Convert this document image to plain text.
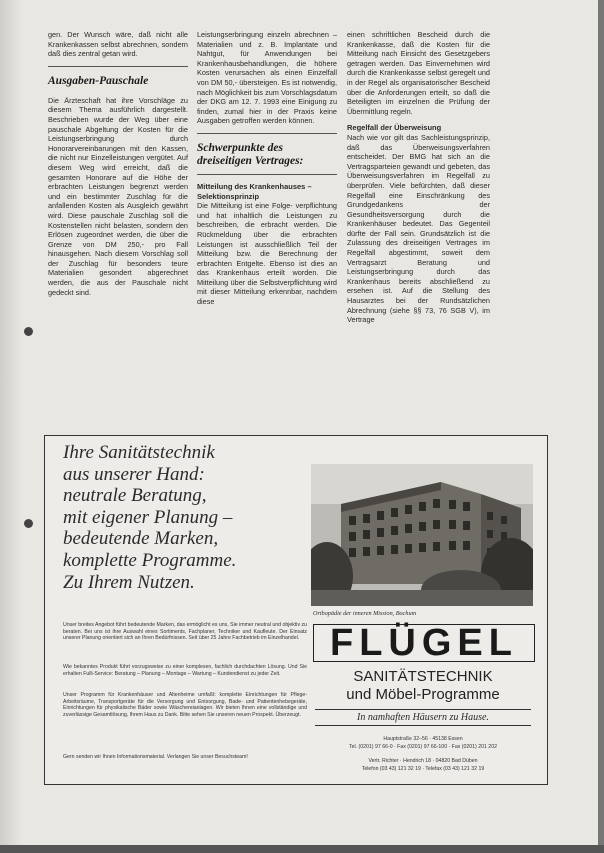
gen. Der Wunsch wäre, daß nicht alle Krankenkassen selbst abrechnen, sondern daß dies zentral getan wird.

Ausgaben-Pauschale

Die Ärzteschaft hat ihre Vorschläge zu diesem Thema ausführlich dargestellt. Beschrieben wurde der Weg über eine pauschale Abgeltung der Kosten für die Leistungserbringung durch Honorarvereinbarungen mit den Kassen, die nicht nur Einzelleistungen vergütet. Auf diesem Weg wird erreicht, daß die gesamten Honorare auf die Höhe der erbrachten Leistungen begrenzt werden und ein bestimmter Zuschlag für die anfallenden Kosten als Ausgleich gewährt wird. Diese pauschale Zuschlag soll die Kostenstellen nicht belasten, sondern den Erlösen zugeordnet werden, die über die Grenze von DM 250,- pro Fall hinausgehen. Nach diesem Vorschlag soll der Zuschlag für besonders teure Materialien gesondert abgerechnet werden, die aus der Pauschale nicht gedeckt sind.

Leistungserbringung einzeln abrechnen – Materialien und z. B. Implantate und Nahtgut, für Anwendungen bei Krankenhausbehandlungen, die höhere Kosten verursachen als einen Einzelfall von DM 50,- übersteigen. Es ist notwendig, nach Möglichkeit bis zum Vorschlagsdatum der DKG am 12. 7. 1993 eine Einigung zu finden, zumal hier in der Praxis keine Ausgaben getroffen werden können.

Schwerpunkte des dreiseitigen Vertrages:
Mitteilung des Krankenhauses – Selektionsprinzip

Die Mitteilung ist eine Folge- verpflichtung und hat inhaltlich die Leistungen zu beschreiben, die erbracht werden. Die Rückmeldung über die erbrachten Leistungen ist ausschließlich Teil der Mitteilung bzw. die Berechnung der erbrachten Entgelte. Ebenso ist dies an das Krankenhaus erteilt worden. Die Mitteilung über die Selbstverpflichtung wird mit dieser Mitteilung erkennbar, nachdem diese

einen schriftlichen Bescheid durch die Krankenkasse, daß die Kosten für die Mitteilung nach Einsicht des Gesetzgebers getragen werden. Das Einvernehmen wird durch die Krankenkasse selbst geregelt und in der Regel als organisatorischer Bescheid über die Anforderungen erteilt, so daß die Beteiligten im einzelnen die Prüfung der Übermittlung regeln.

Regelfall der Überweisung

Nach wie vor gilt das Sachleistungsprinzip, daß das Überweisungsverfahren entscheidet. Der BMG hat sich an die Vertragsparteien gewandt und gebeten, das Überweisungsverfahren im Regelfall zu überprüfen. Viele befürchten, daß dieser Regelfall eine Einschränkung des Grundgedankens der Gesundheitsversorgung durch die Krankenhäuser bedeutet. Das Gegenteil dürfte der Fall sein. Grundsätzlich ist die Zulassung des dreiseitigen Vertrages im Regelfall abgestimmt, soweit dem Vertragsarzt Beratung und Leistungserbringung durch das Krankenhaus bereits abschließend zu ersehen ist. Auf die Stellung des Hausarztes bei der Rundsätzlichen Abrechnung (siehe §§ 73, 76 SGB V), im Vertrage

Ihre Sanitätstechnik
aus unserer Hand:
neutrale Beratung,
mit eigener Planung –
bedeutende Marken,
komplette Programme.
Zu Ihrem Nutzen.

Unser breites Angebot führt bedeutende Marken, das ermöglicht es uns, Sie immer neutral und objektiv zu beraten. Bei uns ist ihre Auswahl eines Sortiments, Fachplaner, Techniker und Kaufleute. Der Einsatz unserer Planung orientiert sich an Ihren Bedürfnissen. Seit über 25 Jahre Fachbetrieb im Einzelhandel.

Wie bekanntes Produkt führt vorzugsweise zu einer komplexen, fachlich durchdachten Lösung. Und Sie erhalten Fulli-Service: Beratung – Planung – Montage – Wartung – Kundendienst zu jeder Zeit.

Unser Programm für Krankenhäuser und Altenheime umfaßt: komplette Einrichtungen für Pflege-Arbeitsräume, Transportgeräte für die Versorgung und Entsorgung, Bade- und Patientenhebegeräte, Einrichtungen für physikalische Bäder sowie Wäschereianlagen. Wir bieten Ihnen eine vollständige und zuverlässige Gesamtlösung, Ihrem Haus zu Dank. Bitte sehen Sie unseren neuen Prospekt. Überzeugt.

Gern senden wir Ihnen Informationsmaterial. Verlangen Sie unser Besuchsteam!

Orthopädie der inneren Mission, Bochum
FLÜGEL
SANITÄTSTECHNIK
und Möbel-Programme
In namhaften Häusern zu Hause.
Hauptstraße 32–56 · 45138 Essen
Tel. (0201) 97 66-0 · Fax (0201) 97 66-100 · Fax (0201) 201 202
Vertr. Richter · Hendrich 18 · 04820 Bad Düben
Telefon (03 43) 121 32 19 · Telefax (03 43) 121 32 19
